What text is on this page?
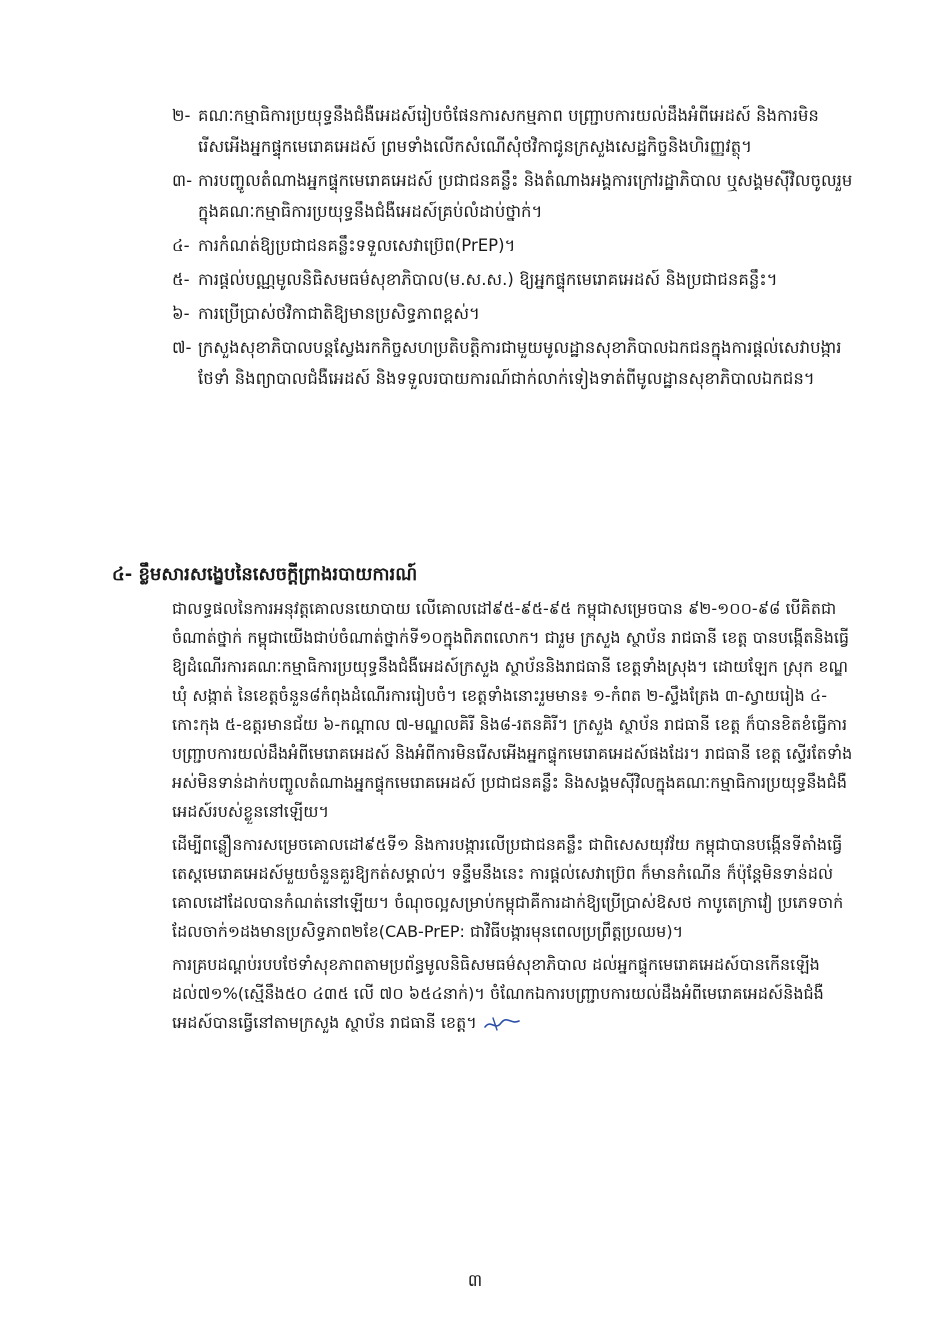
២- គណៈកម្មាធិការប្រយុទ្ធនឹងជំងឺអេដស៍រៀបចំផែនការសកម្មភាព បញ្ជ្រាបការយល់ដឹងអំពីអេដស៍ និងការមិនរើសអើងអ្នកផ្ទុកមេរោគអេដស៍ ព្រមទាំងលើកសំណើសុំថវិកាជូនក្រសួងសេដ្ឋកិច្ចនិងហិរញ្ញវត្ថុ។
៣- ការបញ្ចូលតំណាងអ្នកផ្ទុកមេរោគអេដស៍ ប្រជាជនគន្លឹះ និងតំណាងអង្គការក្រៅរដ្ឋាភិបាល ឬសង្គមស៊ីវិលចូលរួមក្នុងគណៈកម្មាធិការប្រយុទ្ធនឹងជំងឺអេដស៍គ្រប់លំដាប់ថ្នាក់។
៤- ការកំណត់ឱ្យប្រជាជនគន្លឹះទទួលសេវាប្រ៊េព(PrEP)។
៥- ការផ្តល់បណ្ណមូលនិធិសមធម៌សុខាភិបាល(ម.ស.ស.) ឱ្យអ្នកផ្ទុកមេរោគអេដស៍ និងប្រជាជនគន្លឹះ។
៦- ការប្រើប្រាស់ថវិកាជាតិឱ្យមានប្រសិទ្ធភាពខ្ពស់។
៧- ក្រសួងសុខាភិបាលបន្តស្វែងរកកិច្ចសហប្រតិបត្តិការជាមួយមូលដ្ឋានសុខាភិបាលឯកជនក្នុងការផ្តល់សេវាបង្ការ ថែទាំ និងព្យាបាលជំងឺអេដស៍ និងទទួលរបាយការណ៍ជាក់លាក់ទៀងទាត់ពីមូលដ្ឋានសុខាភិបាលឯកជន។
៤- ខ្លឹមសារសង្ខេបនៃសេចក្តីព្រាងរបាយការណ៍

ជាលទ្ធផលនៃការអនុវត្តគោលនយោបាយ លើគោលដៅ៩៥-៩៥-៩៥ កម្ពុជាសម្រេចបាន ៩២-១០០-៩៨ បើគិតជាចំណាត់ថ្នាក់ កម្ពុជាយើងជាប់ចំណាត់ថ្នាក់ទី១០ក្នុងពិភពលោក។ ជារួម ក្រសួង ស្ថាប័ន រាជធានី ខេត្ត បានបង្កើតនិងធ្វើឱ្យដំណើរការគណៈកម្មាធិការប្រយុទ្ធនឹងជំងឺអេដស៍ក្រសួង ស្ថាប័ននិងរាជធានី ខេត្តទាំងស្រុង។ ដោយឡែក ស្រុក ខណ្ឌ ឃុំ សង្កាត់ នៃខេត្តចំនួន៨កំពុងដំណើរការរៀបចំ។ ខេត្តទាំងនោះរួមមាន៖ ១-កំពត ២-ស្ទឹងត្រែង ៣-ស្វាយរៀង ៤-កោះកុង ៥-ឧត្តរមានជ័យ ៦-កណ្តាល ៧-មណ្ឌលគិរី និង៨-រតនគិរី។ ក្រសួង ស្ថាប័ន រាជធានី ខេត្ត ក៏បានខិតខំធ្វើការបញ្ជ្រាបការយល់ដឹងអំពីមេរោគអេដស៍ និងអំពីការមិនរើសអើងអ្នកផ្ទុកមេរោគអេដស៍ផងដែរ។ រាជធានី ខេត្ត ស្ទើរតែទាំងអស់មិនទាន់ដាក់បញ្ចូលតំណាងអ្នកផ្ទុកមេរោគអេដស៍ ប្រជាជនគន្លឹះ និងសង្គមស៊ីវិលក្នុងគណៈកម្មាធិការប្រយុទ្ធនឹងជំងឺអេដស៍របស់ខ្លួននៅឡើយ។

ដើម្បីពន្លឿនការសម្រេចគោលដៅ៩៥ទី១ និងការបង្ការលើប្រជាជនគន្លឹះ ជាពិសេសយុវវ័យ កម្ពុជាបានបង្កើនទីតាំងធ្វើតេស្តមេរោគអេដស៍មួយចំនួនគួរឱ្យកត់សម្គាល់។ ទន្ទឹមនឹងនេះ ការផ្តល់សេវាប្រ៊េព ក៏មានកំណើន ក៏ប៉ុន្តែមិនទាន់ដល់គោលដៅដែលបានកំណត់នៅឡើយ។ ចំណុចល្អសម្រាប់កម្ពុជាគឺការដាក់ឱ្យប្រើប្រាស់ឱសថ កាបូតេក្រាវៀ ប្រភេទចាក់ ដែលចាក់១ដងមានប្រសិទ្ធភាព២ខែ(CAB-PrEP: ជាវិធីបង្ការមុនពេលប្រព្រឹត្តប្រឈម)។

ការគ្របដណ្តប់របបថែទាំសុខភាពតាមប្រព័ន្ធមូលនិធិសមធម៌សុខាភិបាល ដល់អ្នកផ្ទុកមេរោគអេដស៍បានកើនឡើងដល់៧១%(ស្មើនឹង៥០ ៤៣៥ លើ ៧០ ៦៥៤នាក់)។ ចំណែកឯការបញ្ជ្រាបការយល់ដឹងអំពីមេរោគអេដស៍និងជំងឺអេដស៍បានធ្វើនៅតាមក្រសួង ស្ថាប័ន រាជធានី ខេត្ត។

៣
